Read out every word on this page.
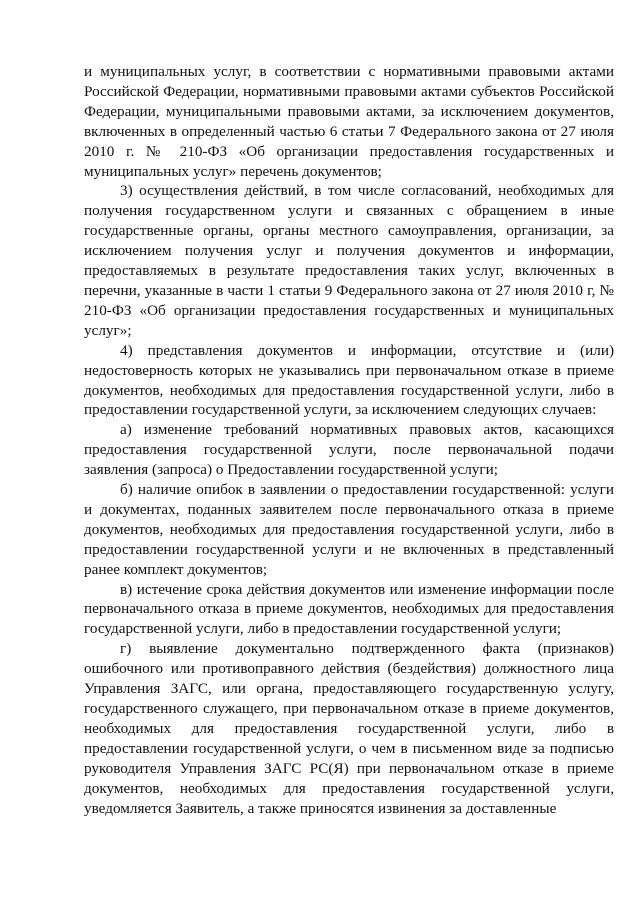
и муниципальных услуг, в соответствии с нормативными правовыми актами Российской Федерации, нормативными правовыми актами субъектов Российской Федерации, муниципальными правовыми актами, за исключением документов, включенных в определенный частью 6 статьи 7 Федерального закона от 27 июля 2010 г. № 210-ФЗ «Об организации предоставления государственных и муниципальных услуг» перечень документов;

3) осуществления действий, в том числе согласований, необходимых для получения государственном услуги и связанных с обращением в иные государственные органы, органы местного самоуправления, организации, за исключением получения услуг и получения документов и информации, предоставляемых в результате предоставления таких услуг, включенных в перечни, указанные в части 1 статьи 9 Федерального закона от 27 июля 2010 г, № 210-ФЗ «Об организации предоставления государственных и муниципальных услуг»;

4) представления документов и информации, отсутствие и (или) недостоверность которых не указывались при первоначальном отказе в приеме документов, необходимых для предоставления государственной услуги, либо в предоставлении государственной услуги, за исключением следующих случаев:

а) изменение требований нормативных правовых актов, касающихся предоставления государственной услуги, после первоначальной подачи заявления (запроса) о Предоставлении государственной услуги;

б) наличие опибок в заявлении о предоставлении государственной: услуги и документах, поданных заявителем после первоначального отказа в приеме документов, необходимых для предоставления государственной услуги, либо в предоставлении государственной услуги и не включенных в представленный ранее комплект документов;

в) истечение срока действия документов или изменение информации после первоначального отказа в приеме документов, необходимых для предоставления государственной услуги, либо в предоставлении государственной услуги;

г) выявление документально подтвержденного факта (признаков) ошибочного или противоправного действия (бездействия) должностного лица Управления ЗАГС, или органа, предоставляющего государственную услугу, государственного служащего, при первоначальном отказе в приеме документов, необходимых для предоставления государственной услуги, либо в предоставлении государственной услуги, о чем в письменном виде за подписью руководителя Управления ЗАГС РС(Я) при первоначальном отказе в приеме документов, необходимых для предоставления государственной услуги, уведомляется Заявитель, а также приносятся извинения за доставленные
